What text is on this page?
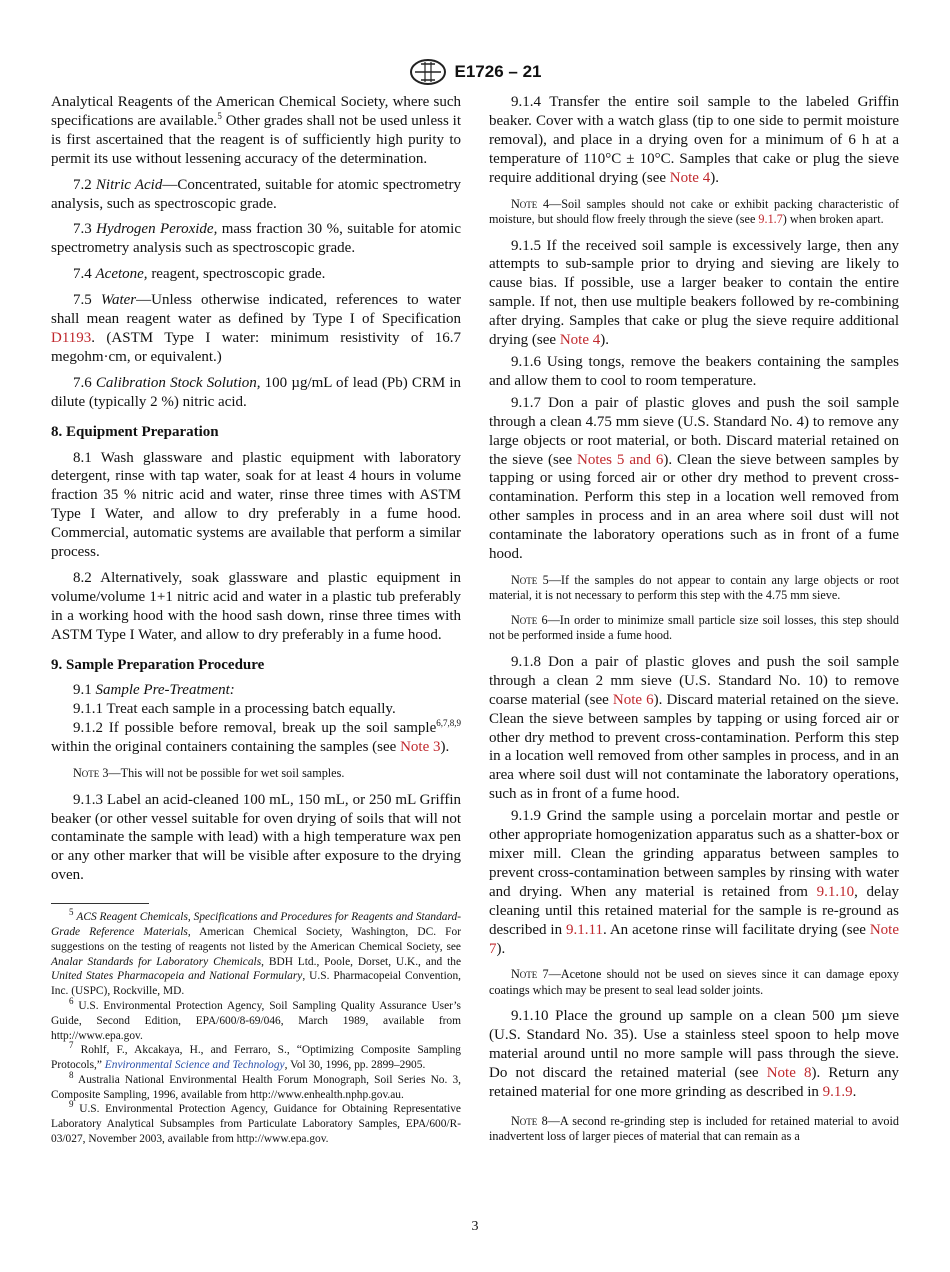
E1726 – 21

Analytical Reagents of the American Chemical Society, where such specifications are available.$^5$ Other grades shall not be used unless it is first ascertained that the reagent is of sufficiently high purity to permit its use without lessening accuracy of the determination.

7.2 Nitric Acid—Concentrated, suitable for atomic spectrometry analysis, such as spectroscopic grade.

7.3 Hydrogen Peroxide, mass fraction 30 %, suitable for atomic spectrometry analysis such as spectroscopic grade.

7.4 Acetone, reagent, spectroscopic grade.

7.5 Water—Unless otherwise indicated, references to water shall mean reagent water as defined by Type I of Specification D1193. (ASTM Type I water: minimum resistivity of 16.7 megohm·cm, or equivalent.)

7.6 Calibration Stock Solution, 100 µg/mL of lead (Pb) CRM in dilute (typically 2 %) nitric acid.

8. Equipment Preparation

8.1 Wash glassware and plastic equipment with laboratory detergent, rinse with tap water, soak for at least 4 hours in volume fraction 35 % nitric acid and water, rinse three times with ASTM Type I Water, and allow to dry preferably in a fume hood. Commercial, automatic systems are available that perform a similar process.

8.2 Alternatively, soak glassware and plastic equipment in volume/volume 1+1 nitric acid and water in a plastic tub preferably in a working hood with the hood sash down, rinse three times with ASTM Type I Water, and allow to dry preferably in a fume hood.

9. Sample Preparation Procedure

9.1 Sample Pre-Treatment:

9.1.1 Treat each sample in a processing batch equally.

9.1.2 If possible before removal, break up the soil sample$^{6,7,8,9}$ within the original containers containing the samples (see Note 3).

Note 3—This will not be possible for wet soil samples.

9.1.3 Label an acid-cleaned 100 mL, 150 mL, or 250 mL Griffin beaker (or other vessel suitable for oven drying of soils that will not contaminate the sample with lead) with a high temperature wax pen or any other marker that will be visible after exposure to the drying oven.

$^5$ ACS Reagent Chemicals, Specifications and Procedures for Reagents and Standard-Grade Reference Materials, American Chemical Society, Washington, DC. For suggestions on the testing of reagents not listed by the American Chemical Society, see Analar Standards for Laboratory Chemicals, BDH Ltd., Poole, Dorset, U.K., and the United States Pharmacopeia and National Formulary, U.S. Pharmacopeial Convention, Inc. (USPC), Rockville, MD.

$^6$ U.S. Environmental Protection Agency, Soil Sampling Quality Assurance User’s Guide, Second Edition, EPA/600/8-69/046, March 1989, available from http://www.epa.gov.

$^7$ Rohlf, F., Akcakaya, H., and Ferraro, S., “Optimizing Composite Sampling Protocols,” Environmental Science and Technology, Vol 30, 1996, pp. 2899–2905.

$^8$ Australia National Environmental Health Forum Monograph, Soil Series No. 3, Composite Sampling, 1996, available from http://www.enhealth.nphp.gov.au.

$^9$ U.S. Environmental Protection Agency, Guidance for Obtaining Representative Laboratory Analytical Subsamples from Particulate Laboratory Samples, EPA/600/R-03/027, November 2003, available from http://www.epa.gov.

9.1.4 Transfer the entire soil sample to the labeled Griffin beaker. Cover with a watch glass (tip to one side to permit moisture removal), and place in a drying oven for a minimum of 6 h at a temperature of 110°C ± 10°C. Samples that cake or plug the sieve require additional drying (see Note 4).

Note 4—Soil samples should not cake or exhibit packing characteristic of moisture, but should flow freely through the sieve (see 9.1.7) when broken apart.

9.1.5 If the received soil sample is excessively large, then any attempts to sub-sample prior to drying and sieving are likely to cause bias. If possible, use a larger beaker to contain the entire sample. If not, then use multiple beakers followed by re-combining after drying. Samples that cake or plug the sieve require additional drying (see Note 4).

9.1.6 Using tongs, remove the beakers containing the samples and allow them to cool to room temperature.

9.1.7 Don a pair of plastic gloves and push the soil sample through a clean 4.75 mm sieve (U.S. Standard No. 4) to remove any large objects or root material, or both. Discard material retained on the sieve (see Notes 5 and 6). Clean the sieve between samples by tapping or using forced air or other dry method to prevent cross-contamination. Perform this step in a location well removed from other samples in process and in an area where soil dust will not contaminate the laboratory operations such as in front of a fume hood.

Note 5—If the samples do not appear to contain any large objects or root material, it is not necessary to perform this step with the 4.75 mm sieve.

Note 6—In order to minimize small particle size soil losses, this step should not be performed inside a fume hood.

9.1.8 Don a pair of plastic gloves and push the soil sample through a clean 2 mm sieve (U.S. Standard No. 10) to remove coarse material (see Note 6). Discard material retained on the sieve. Clean the sieve between samples by tapping or using forced air or other dry method to prevent cross-contamination. Perform this step in a location well removed from other samples in process, and in an area where soil dust will not contaminate the laboratory operations, such as in front of a fume hood.

9.1.9 Grind the sample using a porcelain mortar and pestle or other appropriate homogenization apparatus such as a shatter-box or mixer mill. Clean the grinding apparatus between samples to prevent cross-contamination between samples by rinsing with water and drying. When any material is retained from 9.1.10, delay cleaning until this retained material for the sample is re-ground as described in 9.1.11. An acetone rinse will facilitate drying (see Note 7).

Note 7—Acetone should not be used on sieves since it can damage epoxy coatings which may be present to seal lead solder joints.

9.1.10 Place the ground up sample on a clean 500 µm sieve (U.S. Standard No. 35). Use a stainless steel spoon to help move material around until no more sample will pass through the sieve. Do not discard the retained material (see Note 8). Return any retained material for one more grinding as described in 9.1.9.

Note 8—A second re-grinding step is included for retained material to avoid inadvertent loss of larger pieces of material that can remain as a

3
